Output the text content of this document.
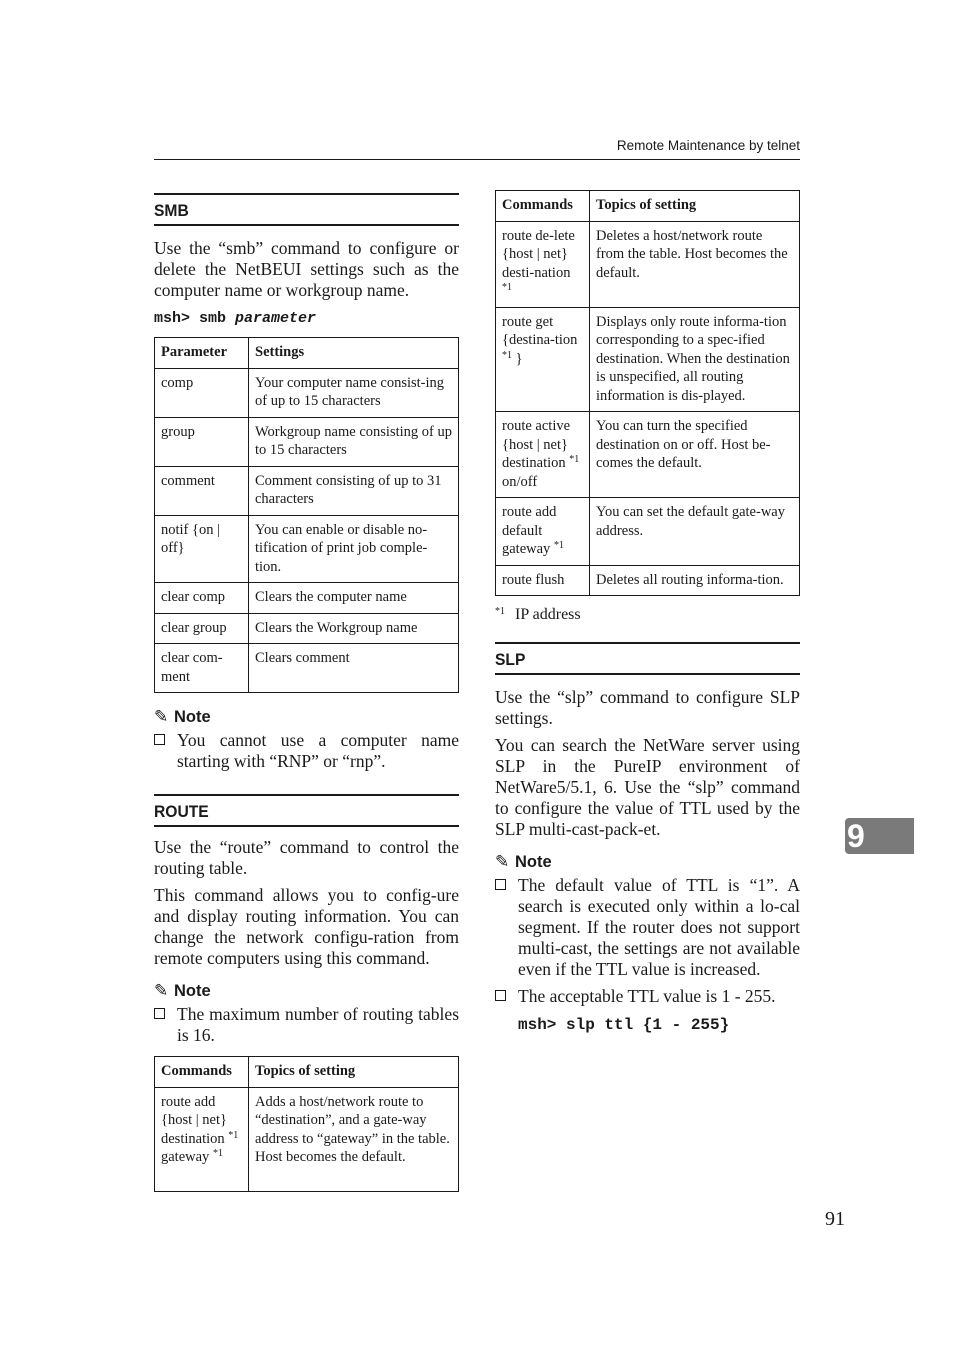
Remote Maintenance by telnet
SMB

Use the “smb” command to configure or delete the NetBEUI settings such as the computer name or workgroup name.

msh> smb parameter
Parameter	Settings
comp	Your computer name consist-ing of up to 15 characters
group	Workgroup name consisting of up to 15 characters
comment	Comment consisting of up to 31 characters
notif {on | off}	You can enable or disable no-tification of print job comple-tion.
clear comp	Clears the computer name
clear group	Clears the Workgroup name
clear com-ment	Clears comment
✎ Note
You cannot use a computer name starting with “RNP” or “rnp”.
ROUTE

Use the “route” command to control the routing table.

This command allows you to config-ure and display routing information. You can change the network configu-ration from remote computers using this command.

✎ Note
The maximum number of routing tables is 16.
Commands	Topics of setting
route add {host | net} destination $^{*1}$ gateway $^{*1}$	Adds a host/network route to “destination”, and a gate-way address to “gateway” in the table. Host becomes the default.
Commands	Topics of setting
route de-lete {host | net} desti-nation $^{*1}$	Deletes a host/network route from the table. Host becomes the default.
route get {destina-tion $^{*1}$ }	Displays only route informa-tion corresponding to a spec-ified destination. When the destination is unspecified, all routing information is dis-played.
route active {host | net} destination $^{*1}$ on/off	You can turn the specified destination on or off. Host be-comes the default.
route add default gateway $^{*1}$	You can set the default gate-way address.
route flush	Deletes all routing informa-tion.
$^{*1}$ IP address
SLP

Use the “slp” command to configure SLP settings.

You can search the NetWare server using SLP in the PureIP environment of NetWare5/5.1, 6. Use the “slp” command to configure the value of TTL used by the SLP multi-cast-pack-et.

✎ Note
The default value of TTL is “1”. A search is executed only within a lo-cal segment. If the router does not support multi-cast, the settings are not available even if the TTL value is increased.
The acceptable TTL value is 1 - 255.
msh> slp ttl {1 - 255}
9
91
